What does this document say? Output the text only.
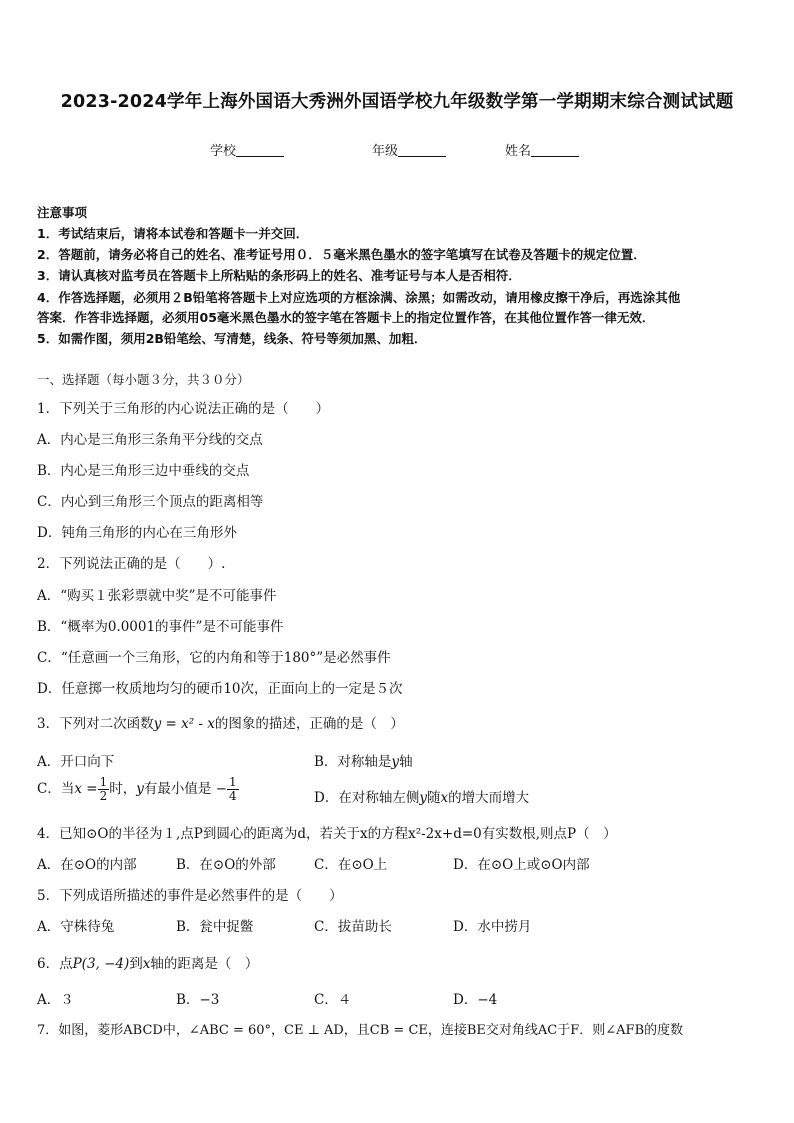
2023-2024学年上海外国语大秀洲外国语学校九年级数学第一学期期末综合测试试题
学校	年级	姓名
注意事项
1．考试结束后，请将本试卷和答题卡一并交回．
2．答题前，请务必将自己的姓名、准考证号用０．５毫米黑色墨水的签字笔填写在试卷及答题卡的规定位置．
3．请认真核对监考员在答题卡上所粘贴的条形码上的姓名、准考证号与本人是否相符．
4．作答选择题，必须用２B铅笔将答题卡上对应选项的方框涂满、涂黑；如需改动，请用橡皮擦干净后，再选涂其他
答案．作答非选择题，必须用05毫米黑色墨水的签字笔在答题卡上的指定位置作答，在其他位置作答一律无效．
5．如需作图，须用2B铅笔绘、写清楚，线条、符号等须加黑、加粗．
一、选择题（每小题３分，共３０分）
1．下列关于三角形的内心说法正确的是（　　）
A．内心是三角形三条角平分线的交点
B．内心是三角形三边中垂线的交点
C．内心到三角形三个顶点的距离相等
D．钝角三角形的内心在三角形外
2．下列说法正确的是（　　）.
A．“购买１张彩票就中奖”是不可能事件
B．“概率为0.0001的事件”是不可能事件
C．“任意画一个三角形，它的内角和等于180°”是必然事件
D．任意掷一枚质地均匀的硬币10次，正面向上的一定是５次
3．下列对二次函数y = x² - x的图象的描述，正确的是（　）
A．开口向下	B．对称轴是y轴
C．当$x = \frac{1}{2}$ 时，y有最小值是 − $\frac{1}{4}$	D．在对称轴左侧y随x的增大而增大
4．已知⊙O的半径为１,点P到圆心的距离为d，若关于x的方程x²-2x+d=0有实数根,则点P（　）
A．在⊙O的内部	B．在⊙O的外部	C．在⊙O上	D．在⊙O上或⊙O内部
5．下列成语所描述的事件是必然事件的是（　　）
A．守株待兔	B．瓮中捉鳖	C．拔苗助长	D．水中捞月
6．点P(3, −4)到x轴的距离是（　）
A．３	B．−3	C．４	D．−4
7．如图，菱形ABCD中，∠ABC = 60°，CE ⊥ AD，且CB = CE，连接BE交对角线AC于F．则∠AFB的度数
